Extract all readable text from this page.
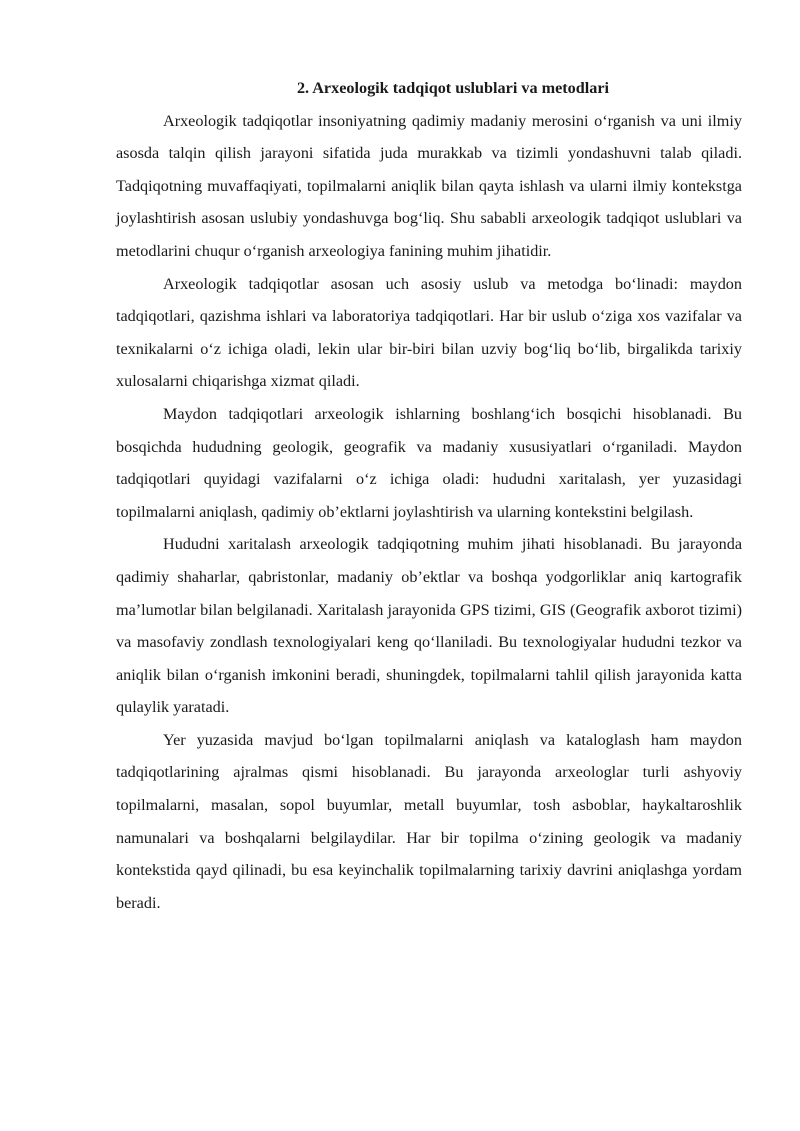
2. Arxeologik tadqiqot uslublari va metodlari

Arxeologik tadqiqotlar insoniyatning qadimiy madaniy merosini o‘rganish va uni ilmiy asosda talqin qilish jarayoni sifatida juda murakkab va tizimli yondashuvni talab qiladi. Tadqiqotning muvaffaqiyati, topilmalarni aniqlik bilan qayta ishlash va ularni ilmiy kontekstga joylashtirish asosan uslubiy yondashuvga bog‘liq. Shu sababli arxeologik tadqiqot uslublari va metodlarini chuqur o‘rganish arxeologiya fanining muhim jihatidir.

Arxeologik tadqiqotlar asosan uch asosiy uslub va metodga bo‘linadi: maydon tadqiqotlari, qazishma ishlari va laboratoriya tadqiqotlari. Har bir uslub o‘ziga xos vazifalar va texnikalarni o‘z ichiga oladi, lekin ular bir-biri bilan uzviy bog‘liq bo‘lib, birgalikda tarixiy xulosalarni chiqarishga xizmat qiladi.

Maydon tadqiqotlari arxeologik ishlarning boshlang‘ich bosqichi hisoblanadi. Bu bosqichda hududning geologik, geografik va madaniy xususiyatlari o‘rganiladi. Maydon tadqiqotlari quyidagi vazifalarni o‘z ichiga oladi: hududni xaritalash, yer yuzasidagi topilmalarni aniqlash, qadimiy ob’ektlarni joylashtirish va ularning kontekstini belgilash.

Hududni xaritalash arxeologik tadqiqotning muhim jihati hisoblanadi. Bu jarayonda qadimiy shaharlar, qabristonlar, madaniy ob’ektlar va boshqa yodgorliklar aniq kartografik ma’lumotlar bilan belgilanadi. Xaritalash jarayonida GPS tizimi, GIS (Geografik axborot tizimi) va masofaviy zondlash texnologiyalari keng qo‘llaniladi. Bu texnologiyalar hududni tezkor va aniqlik bilan o‘rganish imkonini beradi, shuningdek, topilmalarni tahlil qilish jarayonida katta qulaylik yaratadi.

Yer yuzasida mavjud bo‘lgan topilmalarni aniqlash va kataloglash ham maydon tadqiqotlarining ajralmas qismi hisoblanadi. Bu jarayonda arxeologlar turli ashyoviy topilmalarni, masalan, sopol buyumlar, metall buyumlar, tosh asboblar, haykaltaroshlik namunalari va boshqalarni belgilaydilar. Har bir topilma o‘zining geologik va madaniy kontekstida qayd qilinadi, bu esa keyinchalik topilmalarning tarixiy davrini aniqlashga yordam beradi.
